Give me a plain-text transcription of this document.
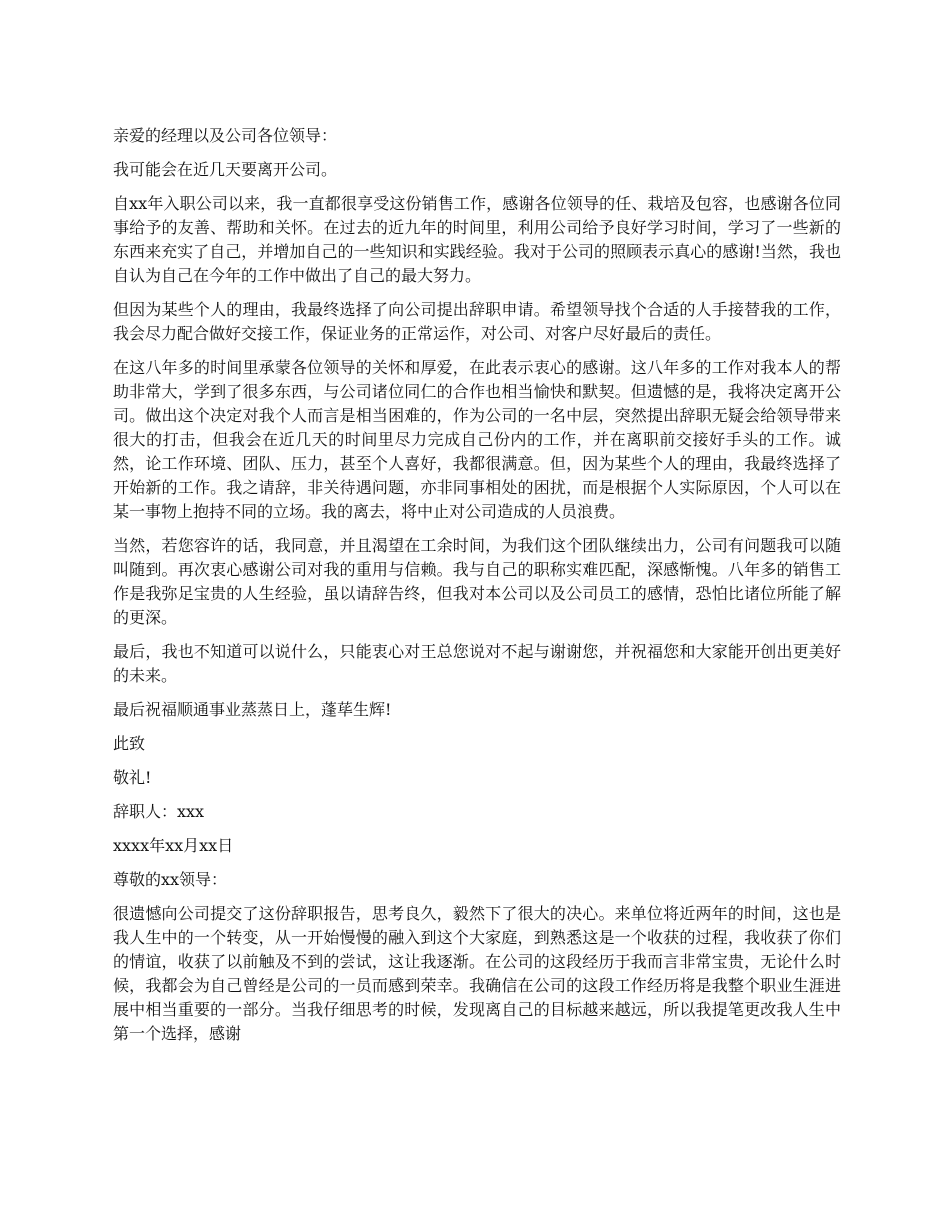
亲爱的经理以及公司各位领导：

我可能会在近几天要离开公司。

自xx年入职公司以来，我一直都很享受这份销售工作，感谢各位领导的任、栽培及包容，也感谢各位同事给予的友善、帮助和关怀。在过去的近九年的时间里，利用公司给予良好学习时间，学习了一些新的东西来充实了自己，并增加自己的一些知识和实践经验。我对于公司的照顾表示真心的感谢!当然，我也自认为自己在今年的工作中做出了自己的最大努力。

但因为某些个人的理由，我最终选择了向公司提出辞职申请。希望领导找个合适的人手接替我的工作，我会尽力配合做好交接工作，保证业务的正常运作，对公司、对客户尽好最后的责任。

在这八年多的时间里承蒙各位领导的关怀和厚爱，在此表示衷心的感谢。这八年多的工作对我本人的帮助非常大，学到了很多东西，与公司诸位同仁的合作也相当愉快和默契。但遗憾的是，我将决定离开公司。做出这个决定对我个人而言是相当困难的，作为公司的一名中层，突然提出辞职无疑会给领导带来很大的打击，但我会在近几天的时间里尽力完成自己份内的工作，并在离职前交接好手头的工作。诚然，论工作环境、团队、压力，甚至个人喜好，我都很满意。但，因为某些个人的理由，我最终选择了开始新的工作。我之请辞，非关待遇问题，亦非同事相处的困扰，而是根据个人实际原因，个人可以在某一事物上抱持不同的立场。我的离去，将中止对公司造成的人员浪费。

当然，若您容许的话，我同意，并且渴望在工余时间，为我们这个团队继续出力，公司有问题我可以随叫随到。再次衷心感谢公司对我的重用与信赖。我与自己的职称实难匹配，深感惭愧。八年多的销售工作是我弥足宝贵的人生经验，虽以请辞告终，但我对本公司以及公司员工的感情，恐怕比诸位所能了解的更深。

最后，我也不知道可以说什么，只能衷心对王总您说对不起与谢谢您，并祝福您和大家能开创出更美好的未来。

最后祝福顺通事业蒸蒸日上，蓬荜生辉!

此致

敬礼!

辞职人：xxx

xxxx年xx月xx日

尊敬的xx领导：

很遗憾向公司提交了这份辞职报告，思考良久，毅然下了很大的决心。来单位将近两年的时间，这也是我人生中的一个转变，从一开始慢慢的融入到这个大家庭，到熟悉这是一个收获的过程，我收获了你们的情谊，收获了以前触及不到的尝试，这让我逐渐。在公司的这段经历于我而言非常宝贵，无论什么时候，我都会为自己曾经是公司的一员而感到荣幸。我确信在公司的这段工作经历将是我整个职业生涯进展中相当重要的一部分。当我仔细思考的时候，发现离自己的目标越来越远，所以我提笔更改我人生中第一个选择，感谢
